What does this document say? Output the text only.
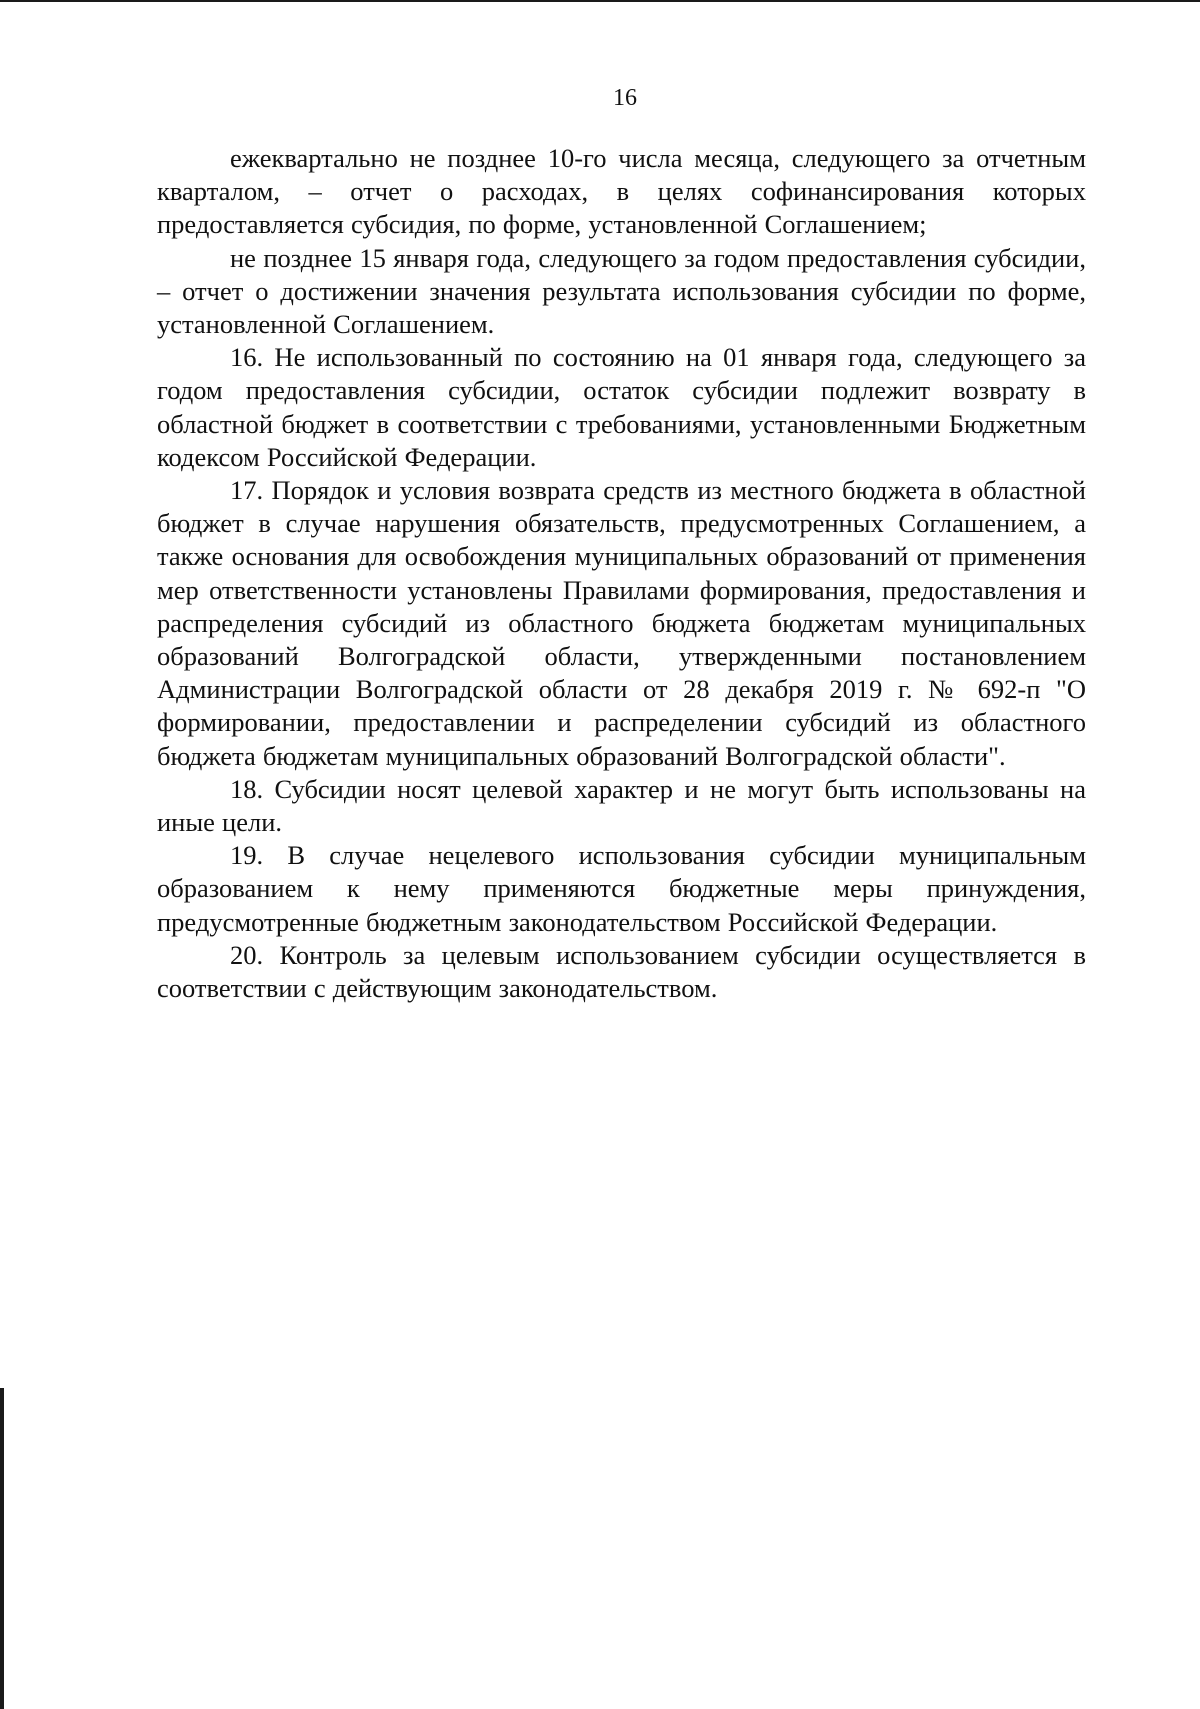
16

ежеквартально не позднее 10-го числа месяца, следующего за отчетным кварталом, – отчет о расходах, в целях софинансирования которых предоставляется субсидия, по форме, установленной Соглашением;

не позднее 15 января года, следующего за годом предоставления субсидии, – отчет о достижении значения результата использования субсидии по форме, установленной Соглашением.

16. Не использованный по состоянию на 01 января года, следующего за годом предоставления субсидии, остаток субсидии подлежит возврату в областной бюджет в соответствии с требованиями, установленными Бюджетным кодексом Российской Федерации.

17. Порядок и условия возврата средств из местного бюджета в областной бюджет в случае нарушения обязательств, предусмотренных Соглашением, а также основания для освобождения муниципальных образований от применения мер ответственности установлены Правилами формирования, предоставления и распределения субсидий из областного бюджета бюджетам муниципальных образований Волгоградской области, утвержденными постановлением Администрации Волгоградской области от 28 декабря 2019 г. № 692-п "О формировании, предоставлении и распределении субсидий из областного бюджета бюджетам муниципальных образований Волгоградской области".

18. Субсидии носят целевой характер и не могут быть использованы на иные цели.

19. В случае нецелевого использования субсидии муниципальным образованием к нему применяются бюджетные меры принуждения, предусмотренные бюджетным законодательством Российской Федерации.

20. Контроль за целевым использованием субсидии осуществляется в соответствии с действующим законодательством.
